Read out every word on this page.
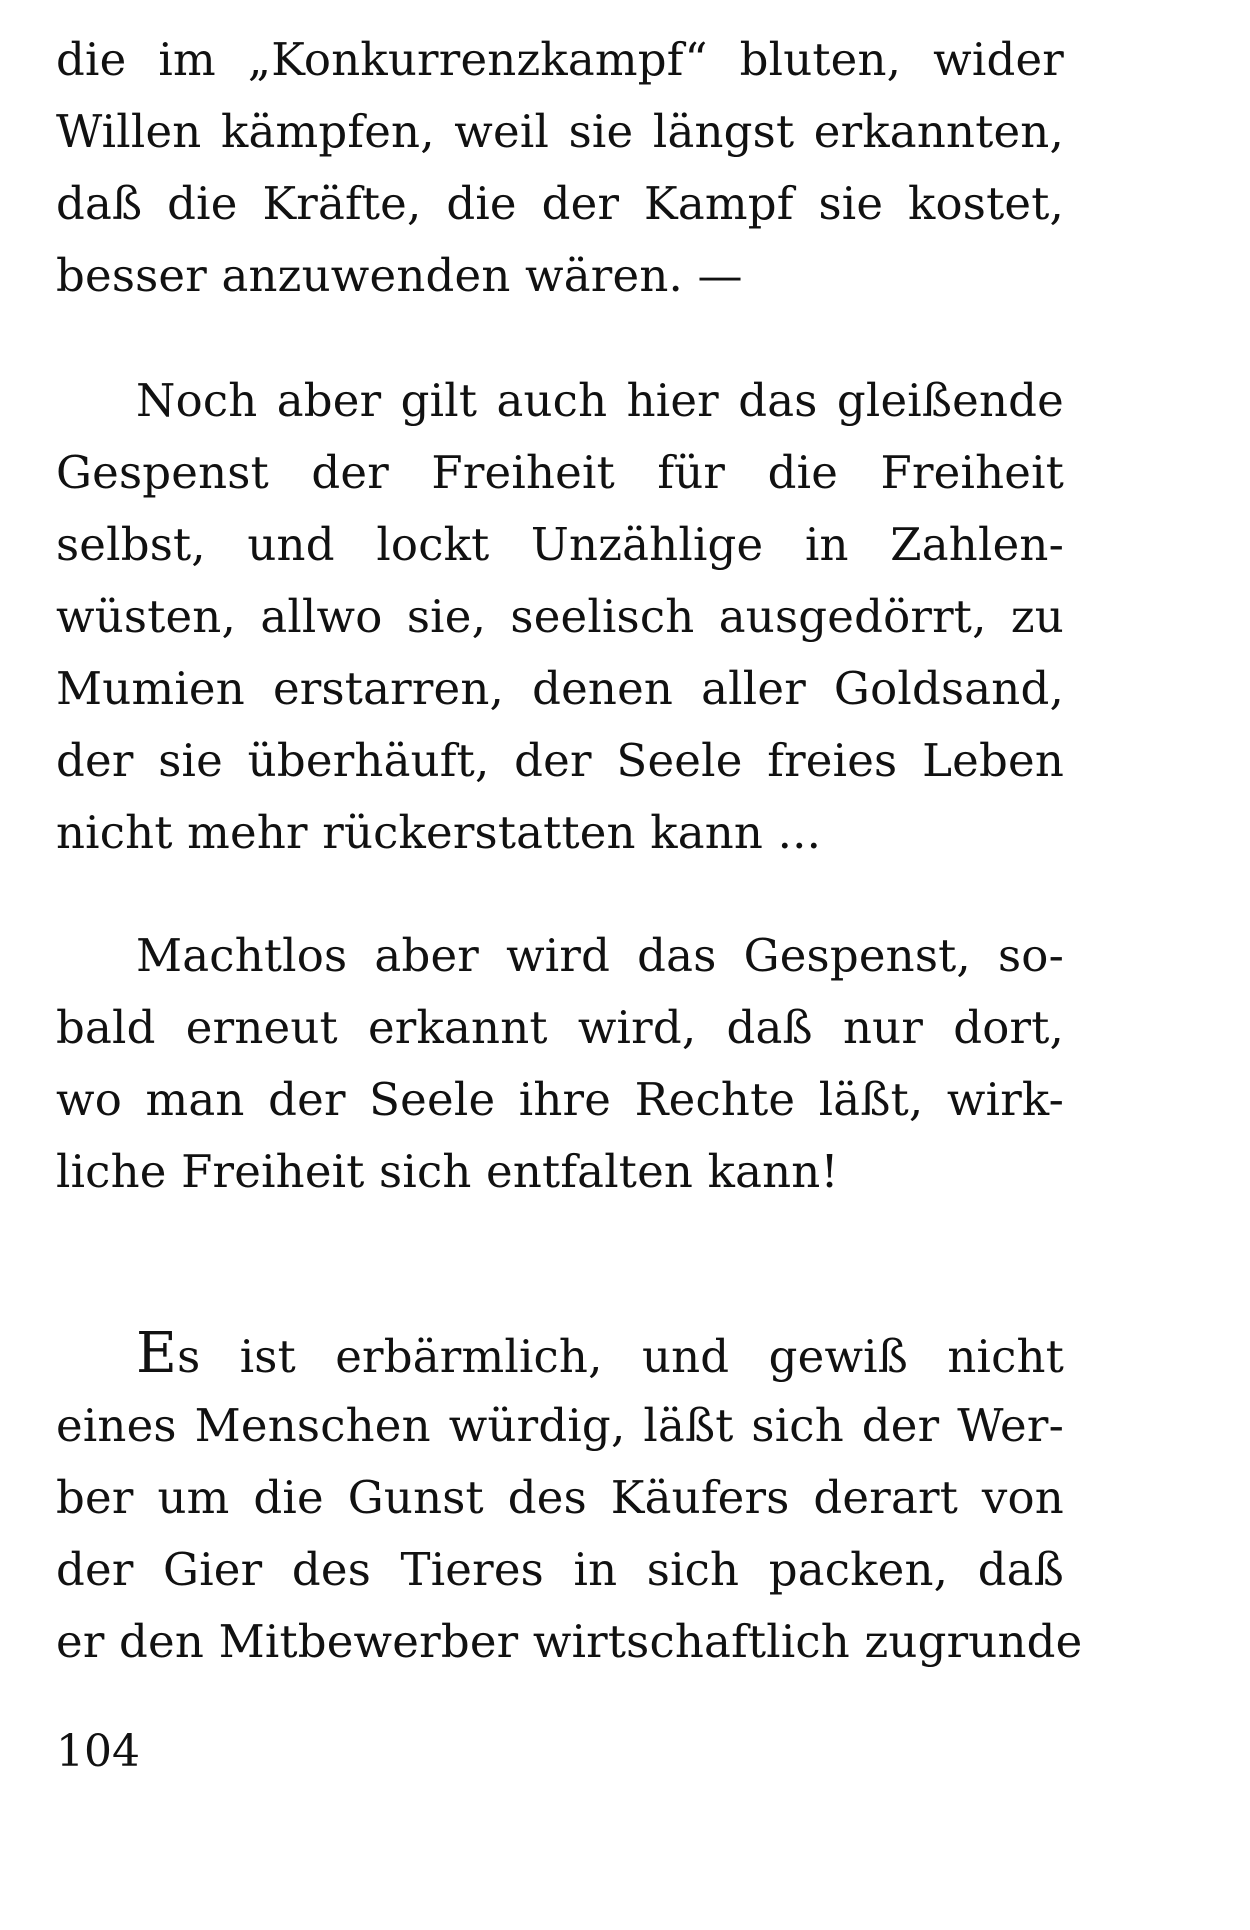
die im „Konkurrenzkampf“ bluten, wider
Willen kämpfen, weil sie längst erkannten,
daß die Kräfte, die der Kampf sie kostet,
besser anzuwenden wären. —
Noch aber gilt auch hier das gleißende
Gespenst der Freiheit für die Freiheit
selbst, und lockt Unzählige in Zahlen-
wüsten, allwo sie, seelisch ausgedörrt, zu
Mumien erstarren, denen aller Goldsand,
der sie überhäuft, der Seele freies Leben
nicht mehr rückerstatten kann ...
Machtlos aber wird das Gespenst, so-
bald erneut erkannt wird, daß nur dort,
wo man der Seele ihre Rechte läßt, wirk-
liche Freiheit sich entfalten kann!
Es ist erbärmlich, und gewiß nicht
eines Menschen würdig, läßt sich der Wer-
ber um die Gunst des Käufers derart von
der Gier des Tieres in sich packen, daß
er den Mitbewerber wirtschaftlich zugrunde
104
